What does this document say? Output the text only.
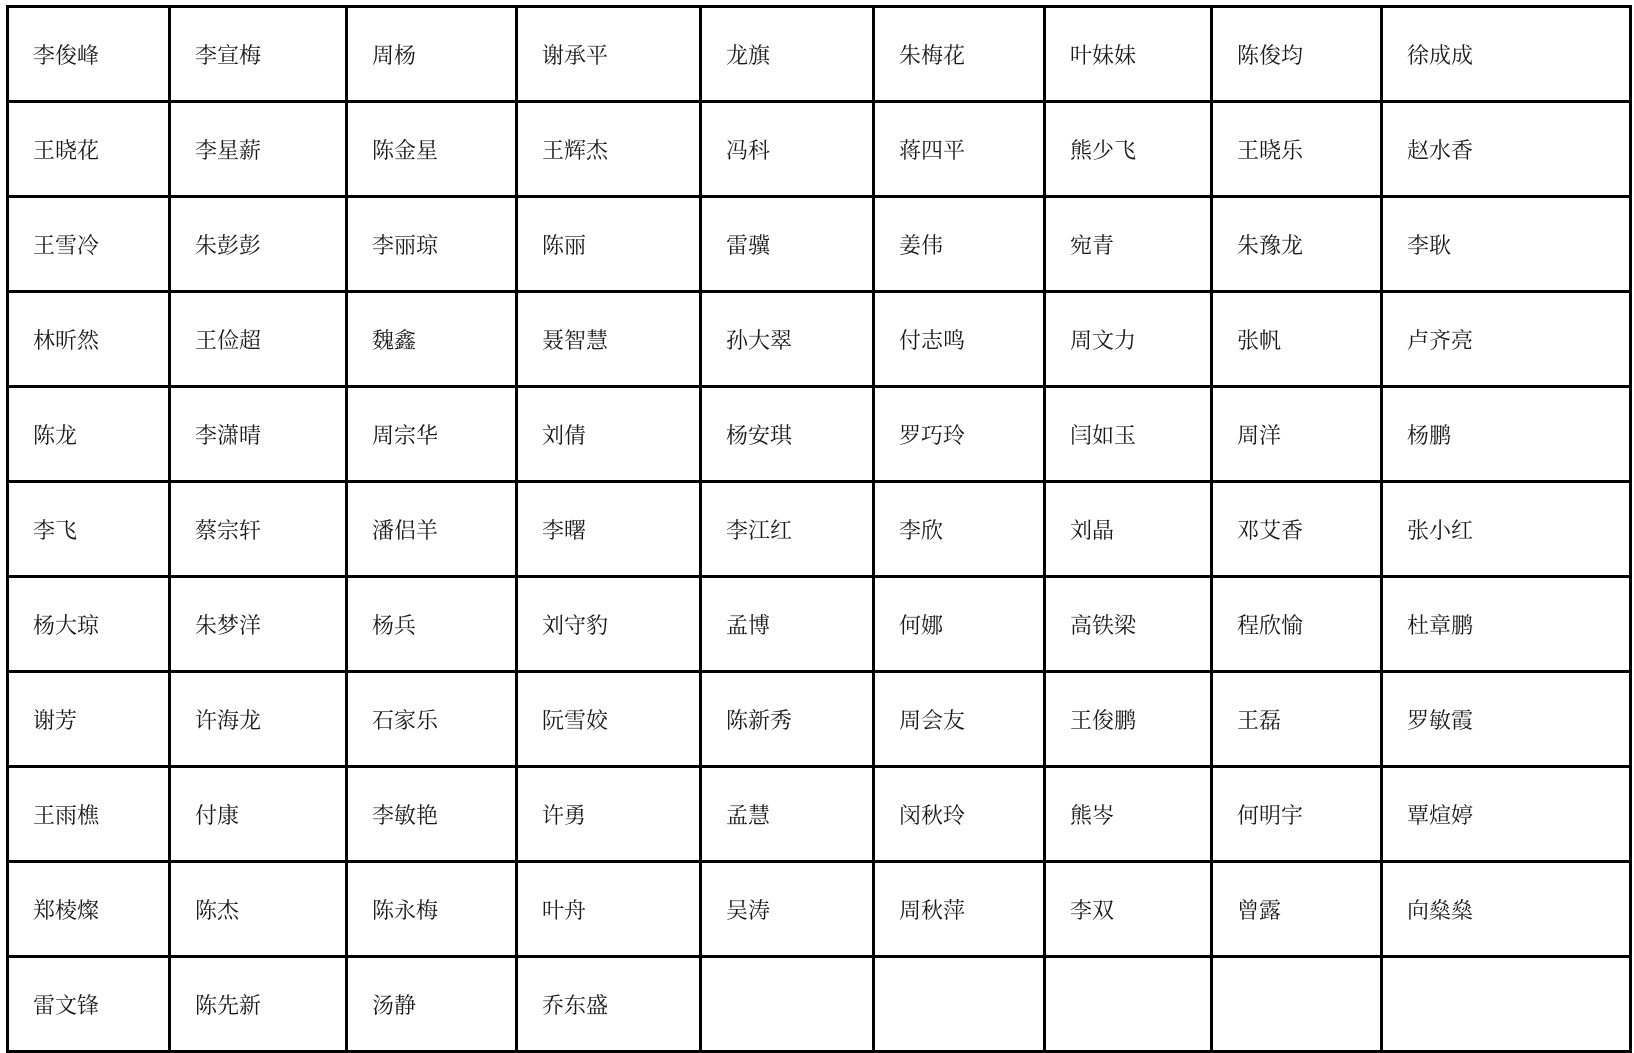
李俊峰	李宣梅	周杨	谢承平	龙旗	朱梅花	叶妹妹	陈俊均	徐成成
王晓花	李星薪	陈金星	王辉杰	冯科	蒋四平	熊少飞	王晓乐	赵水香
王雪冷	朱彭彭	李丽琼	陈丽	雷骥	姜伟	宛青	朱豫龙	李耿
林昕然	王俭超	魏鑫	聂智慧	孙大翠	付志鸣	周文力	张帆	卢齐亮
陈龙	李潇晴	周宗华	刘倩	杨安琪	罗巧玲	闫如玉	周洋	杨鹏
李飞	蔡宗轩	潘侣羊	李曙	李江红	李欣	刘晶	邓艾香	张小红
杨大琼	朱梦洋	杨兵	刘守豹	孟博	何娜	高铁梁	程欣愉	杜章鹏
谢芳	许海龙	石家乐	阮雪姣	陈新秀	周会友	王俊鹏	王磊	罗敏霞
王雨樵	付康	李敏艳	许勇	孟慧	闵秋玲	熊岑	何明宇	覃煊婷
郑棱燦	陈杰	陈永梅	叶舟	吴涛	周秋萍	李双	曾露	向燊燊
雷文锋	陈先新	汤静	乔东盛					
